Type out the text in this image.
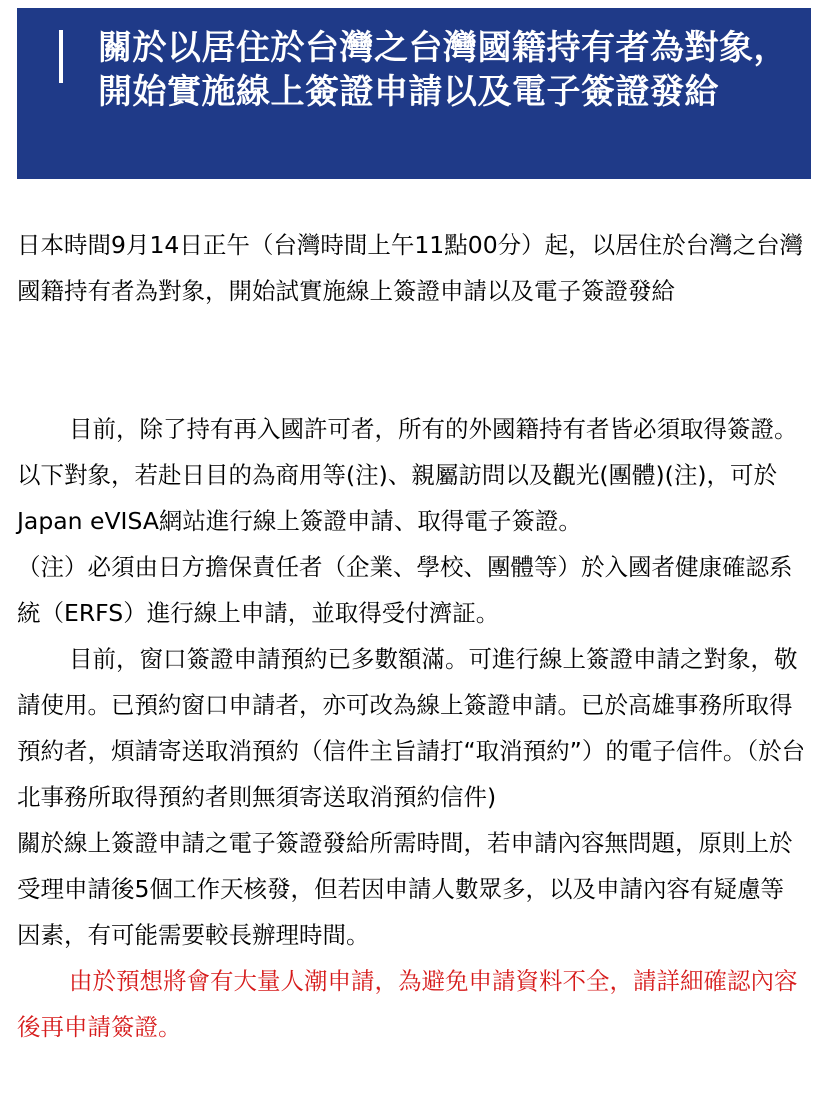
關於以居住於台灣之台灣國籍持有者為對象，開始實施線上簽證申請以及電子簽證發給

日本時間9月14日正午（台灣時間上午11點00分）起，以居住於台灣之台灣國籍持有者為對象，開始試實施線上簽證申請以及電子簽證發給

目前，除了持有再入國許可者，所有的外國籍持有者皆必須取得簽證。以下對象，若赴日目的為商用等(注)、親屬訪問以及觀光(團體)(注)，可於Japan eVISA網站進行線上簽證申請、取得電子簽證。

（注）必須由日方擔保責任者（企業、學校、團體等）於入國者健康確認系統（ERFS）進行線上申請，並取得受付濟証。

目前，窗口簽證申請預約已多數額滿。可進行線上簽證申請之對象，敬請使用。已預約窗口申請者，亦可改為線上簽證申請。已於高雄事務所取得預約者，煩請寄送取消預約（信件主旨請打“取消預約”）的電子信件。（於台北事務所取得預約者則無須寄送取消預約信件)

關於線上簽證申請之電子簽證發給所需時間，若申請內容無問題，原則上於受理申請後5個工作天核發，但若因申請人數眾多，以及申請內容有疑慮等因素，有可能需要較長辦理時間。

由於預想將會有大量人潮申請，為避免申請資料不全，請詳細確認內容後再申請簽證。
